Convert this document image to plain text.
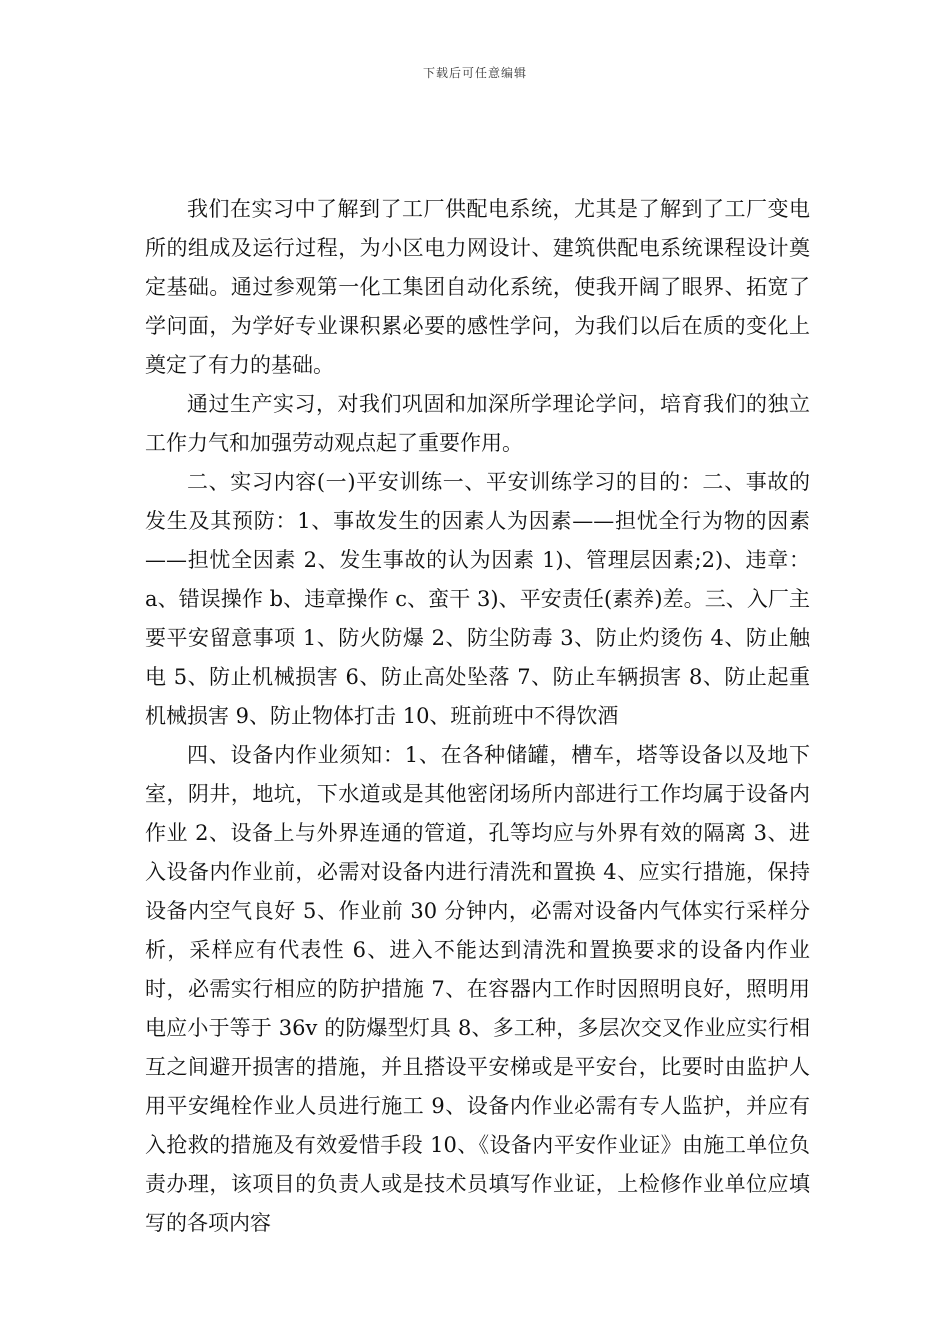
下载后可任意编辑

我们在实习中了解到了工厂供配电系统，尤其是了解到了工厂变电所的组成及运行过程，为小区电力网设计、建筑供配电系统课程设计奠定基础。通过参观第一化工集团自动化系统，使我开阔了眼界、拓宽了学问面，为学好专业课积累必要的感性学问，为我们以后在质的变化上奠定了有力的基础。

通过生产实习，对我们巩固和加深所学理论学问，培育我们的独立工作力气和加强劳动观点起了重要作用。

二、实习内容(一)平安训练一、平安训练学习的目的：二、事故的发生及其预防：1、事故发生的因素人为因素——担忧全行为物的因素——担忧全因素 2、发生事故的认为因素 1)、管理层因素;2)、违章：a、错误操作 b、违章操作 c、蛮干 3)、平安责任(素养)差。三、入厂主要平安留意事项 1、防火防爆 2、防尘防毒 3、防止灼烫伤 4、防止触电 5、防止机械损害 6、防止高处坠落 7、防止车辆损害 8、防止起重机械损害 9、防止物体打击 10、班前班中不得饮酒

四、设备内作业须知：1、在各种储罐，槽车，塔等设备以及地下室，阴井，地坑，下水道或是其他密闭场所内部进行工作均属于设备内作业 2、设备上与外界连通的管道，孔等均应与外界有效的隔离 3、进入设备内作业前，必需对设备内进行清洗和置换 4、应实行措施，保持设备内空气良好 5、作业前 30 分钟内，必需对设备内气体实行采样分析，采样应有代表性 6、进入不能达到清洗和置换要求的设备内作业时，必需实行相应的防护措施 7、在容器内工作时因照明良好，照明用电应小于等于 36v 的防爆型灯具 8、多工种，多层次交叉作业应实行相互之间避开损害的措施，并且搭设平安梯或是平安台，比要时由监护人用平安绳栓作业人员进行施工 9、设备内作业必需有专人监护，并应有入抢救的措施及有效爱惜手段 10、《设备内平安作业证》由施工单位负责办理，该项目的负责人或是技术员填写作业证，上检修作业单位应填写的各项内容
